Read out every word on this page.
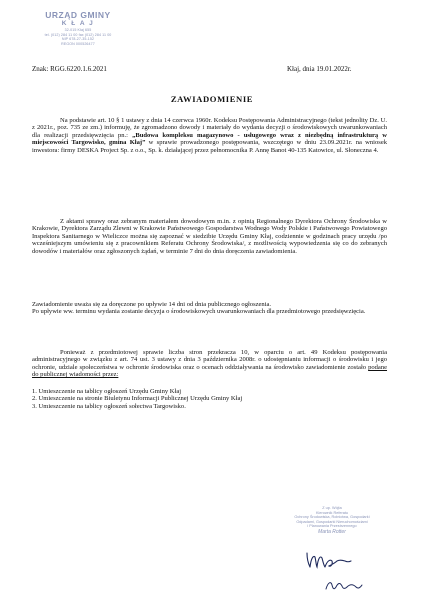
URZĄD GMINY
K Ł A J
32-015 Kłaj 655
tel. (012) 284 11 00 fax (012) 284 11 00
NIP 678-27-35-152
REGON 000526477
Znak: RGG.6220.1.6.2021	Kłaj, dnia 19.01.2022r.
ZAWIADOMIENIE

Na podstawie art. 10 § 1 ustawy z dnia 14 czerwca 1960r. Kodeksu Postępowania Administracyjnego (tekst jednolity Dz. U. z 2021r., poz. 735 ze zm.) informuję, że zgromadzono dowody i materiały do wydania decyzji o środowiskowych uwarunkowaniach dla realizacji przedsięwzięcia pn.: „Budowa kompleksu magazynowo - usługowego wraz z niezbędną infrastrukturą w miejscowości Targowisko, gmina Kłaj” w sprawie prowadzonego postępowania, wszczętego w dniu 23.09.2021r. na wniosek inwestora: firmy DESKA Project Sp. z o.o., Sp. k. działającej przez pełnomocnika P. Annę Banot 40-135 Katowice, ul. Słoneczna 4.

Z aktami sprawy oraz zebranym materiałem dowodowym m.in. z opinią Regionalnego Dyrektora Ochrony Środowiska w Krakowie, Dyrektora Zarządu Zlewni w Krakowie Państwowego Gospodarstwa Wodnego Wody Polskie i Państwowego Powiatowego Inspektora Sanitarnego w Wieliczce można się zapoznać w siedzibie Urzędu Gminy Kłaj, codziennie w godzinach pracy urzędu /po wcześniejszym umówieniu się z pracownikiem Referatu Ochrony Środowiska/, z możliwością wypowiedzenia się co do zebranych dowodów i materiałów oraz zgłoszonych żądań, w terminie 7 dni do dnia doręczenia zawiadomienia.

Zawiadomienie uważa się za doręczone po upływie 14 dni od dnia publicznego ogłoszenia.
Po upływie ww. terminu wydania zostanie decyzja o środowiskowych uwarunkowaniach dla przedmiotowego przedsięwzięcia.

Ponieważ z przedmiotowej sprawie liczba stron przekracza 10, w oparciu o art. 49 Kodeksu postępowania administracyjnego w związku z art. 74 ust. 3 ustawy z dnia 3 października 2008r. o udostępnianiu informacji o środowisku i jego ochronie, udziale społeczeństwa w ochronie środowiska oraz o ocenach oddziaływania na środowisko zawiadomienie zostało podane do publicznej wiadomości przez:

1. Umieszczenie na tablicy ogłoszeń Urzędu Gminy Kłaj
2. Umieszczenie na stronie Biuletynu Informacji Publicznej Urzędu Gminy Kłaj
3. Umieszczenie na tablicy ogłoszeń sołectwa Targowisko.
Z up. Wójta
Kierownik Referatu
Ochrony Środowiska, Rolnictwa, Gospodarki
Odpadami, Gospodarki Nieruchomościami
i Planowania Przestrzennego
Marta Rotter
